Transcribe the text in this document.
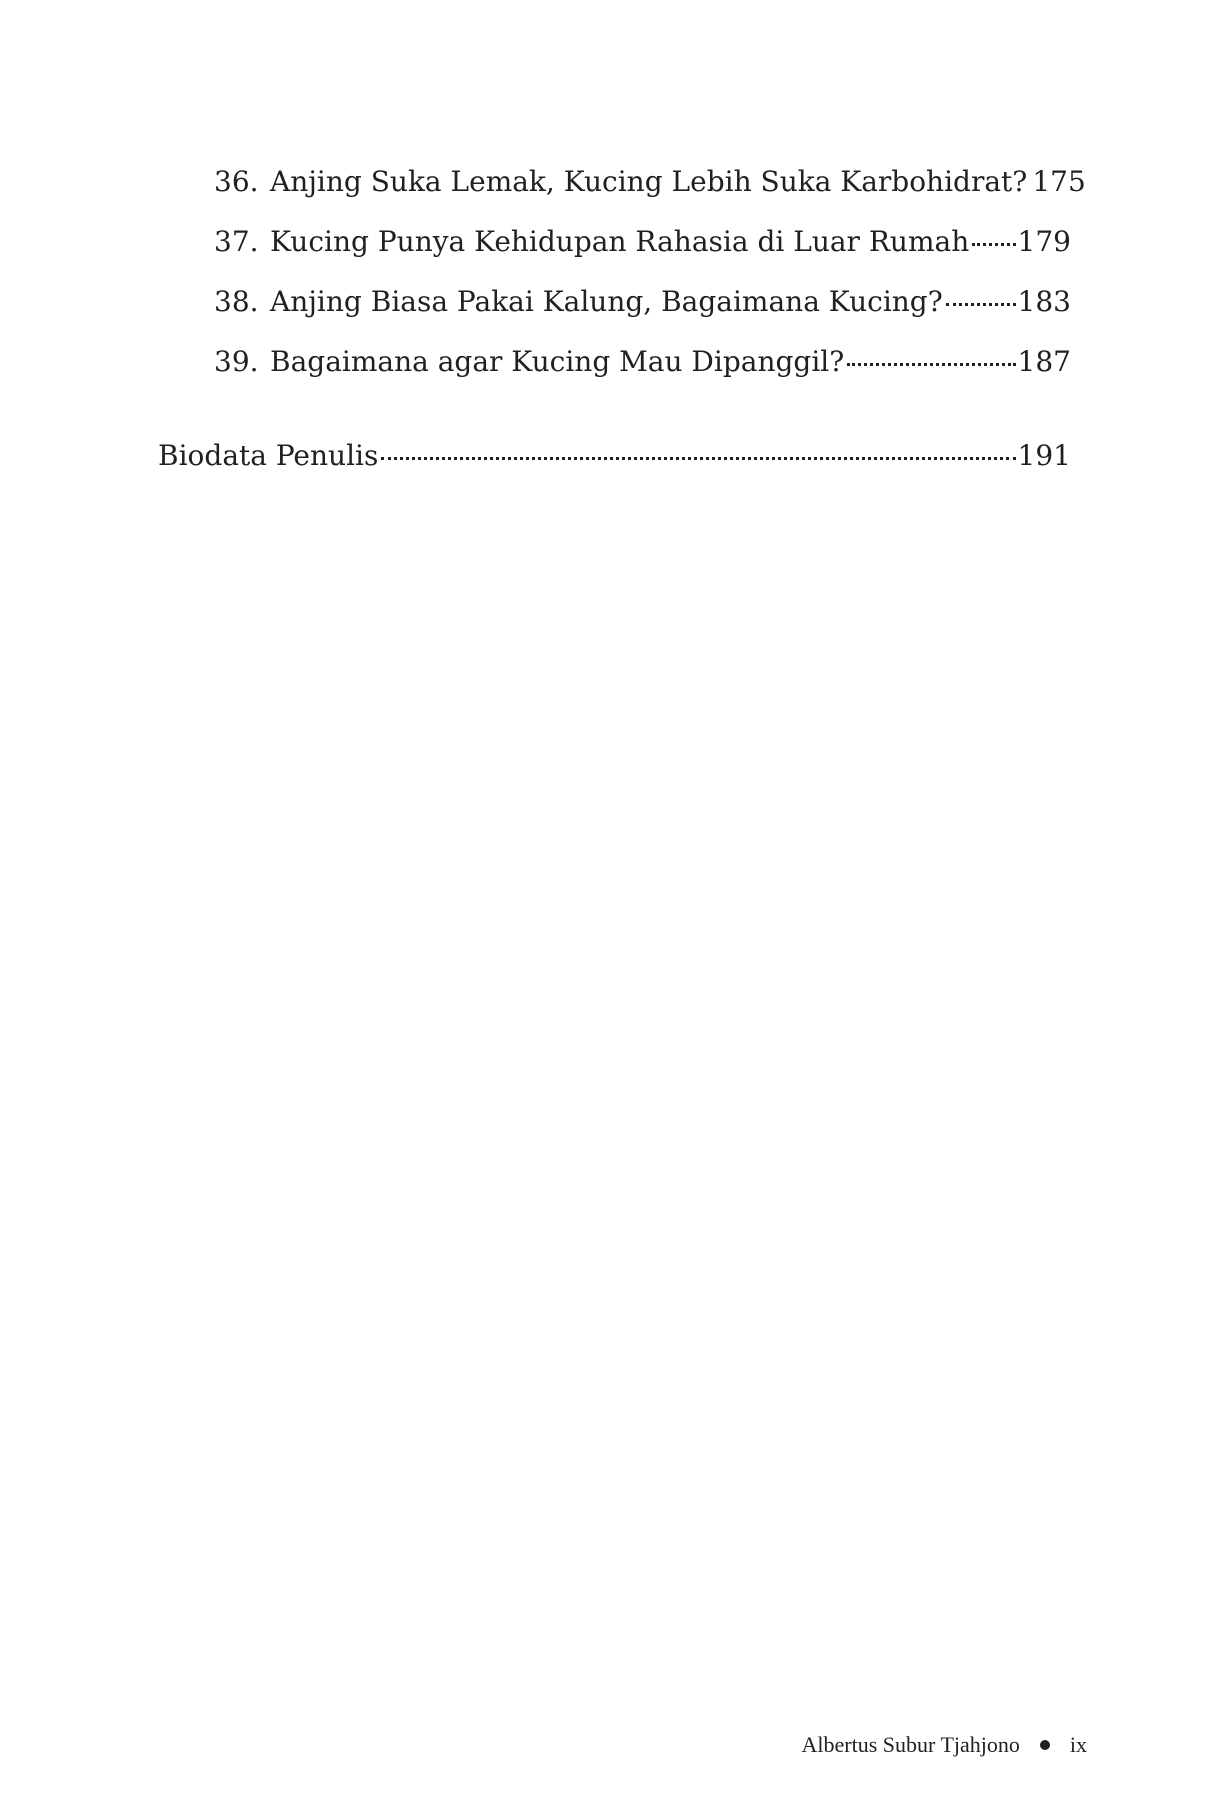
36. Anjing Suka Lemak, Kucing Lebih Suka Karbohidrat? 175
37. Kucing Punya Kehidupan Rahasia di Luar Rumah 179
38. Anjing Biasa Pakai Kalung, Bagaimana Kucing?	183
39. Bagaimana agar Kucing Mau Dipanggil?	187
Biodata Penulis	191
Albertus Subur Tjahjono ix
